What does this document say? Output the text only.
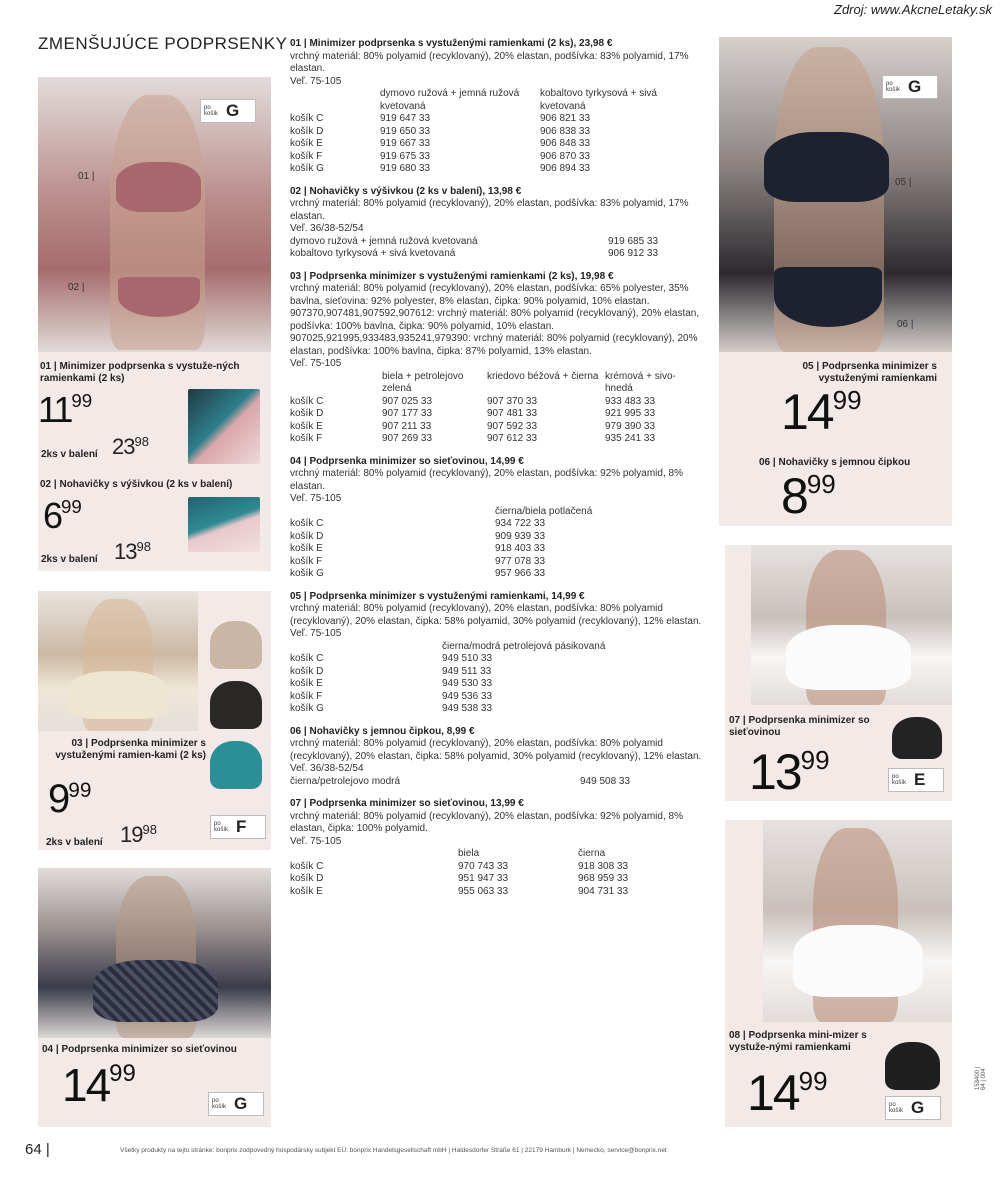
Zdroj: www.AkcneLetaky.sk
ZMENŠUJÚCE PODPRSENKY
01 |
02 |
po košík G
01 | Minimizer podprsenka s vystuže-ných ramienkami (2 ks)
$11^{99}$
2ks v balení $23^{98}$
02 | Nohavičky s výšivkou (2 ks v balení)
$6^{99}$
2ks v balení $13^{98}$
03 | Podprsenka minimizer s vystuženými ramien-kami (2 ks)
$9^{99}$
po košík F
2ks v balení $19^{98}$
04 | Podprsenka minimizer so sieťovinou
$14^{99}$
po košík G
01 | Minimizer podprsenka s vystuženými ramienkami (2 ks), 23,98 €
vrchný materiál: 80% polyamid (recyklovaný), 20% elastan, podšívka: 83% polyamid, 17% elastan.
Veľ. 75-105
	dymovo ružová + jemná ružová kvetovaná	kobaltovo tyrkysová + sivá kvetovaná
košík C	919 647 33	906 821 33
košík D	919 650 33	906 838 33
košík E	919 667 33	906 848 33
košík F	919 675 33	906 870 33
košík G	919 680 33	906 894 33
02 | Nohavičky s výšivkou (2 ks v balení), 13,98 €
vrchný materiál: 80% polyamid (recyklovaný), 20% elastan, podšívka: 83% polyamid, 17% elastan.
Veľ. 36/38-52/54
dymovo ružová + jemná ružová kvetovaná	919 685 33
kobaltovo tyrkysová + sivá kvetovaná	906 912 33
03 | Podprsenka minimizer s vystuženými ramienkami (2 ks), 19,98 €
vrchný materiál: 80% polyamid (recyklovaný), 20% elastan, podšívka: 65% polyester, 35% bavlna, sieťovina: 92% polyester, 8% elastan, čipka: 90% polyamid, 10% elastan. 907370,907481,907592,907612: vrchný materiál: 80% polyamid (recyklovaný), 20% elastan, podšívka: 100% bavlna, čipka: 90% polyamid, 10% elastan. 907025,921995,933483,935241,979390: vrchný materiál: 80% polyamid (recyklovaný), 20% elastan, podšívka: 100% bavlna, čipka: 87% polyamid, 13% elastan.
Veľ. 75-105
	biela + petrolejovo zelená	kriedovo béžová + čierna	krémová + sivo-hnedá
košík C	907 025 33	907 370 33	933 483 33
košík D	907 177 33	907 481 33	921 995 33
košík E	907 211 33	907 592 33	979 390 33
košík F	907 269 33	907 612 33	935 241 33
04 | Podprsenka minimizer so sieťovinou, 14,99 €
vrchný materiál: 80% polyamid (recyklovaný), 20% elastan, podšívka: 92% polyamid, 8% elastan.
Veľ. 75-105
	čierna/biela potlačená
košík C	934 722 33
košík D	909 939 33
košík E	918 403 33
košík F	977 078 33
košík G	957 966 33
05 | Podprsenka minimizer s vystuženými ramienkami, 14,99 €
vrchný materiál: 80% polyamid (recyklovaný), 20% elastan, podšívka: 80% polyamid (recyklovaný), 20% elastan, čipka: 58% polyamid, 30% polyamid (recyklovaný), 12% elastan.
Veľ. 75-105
	čierna/modrá petrolejová pásikovaná
košík C	949 510 33
košík D	949 511 33
košík E	949 530 33
košík F	949 536 33
košík G	949 538 33
06 | Nohavičky s jemnou čipkou, 8,99 €
vrchný materiál: 80% polyamid (recyklovaný), 20% elastan, podšívka: 80% polyamid (recyklovaný), 20% elastan, čipka: 58% polyamid, 30% polyamid (recyklovaný), 12% elastan.
Veľ. 36/38-52/54
čierna/petrolejovo modrá	949 508 33
07 | Podprsenka minimizer so sieťovinou, 13,99 €
vrchný materiál: 80% polyamid (recyklovaný), 20% elastan, podšívka: 92% polyamid, 8% elastan, čipka: 100% polyamid.
Veľ. 75-105
	biela	čierna
košík C	970 743 33	918 308 33
košík D	951 947 33	968 959 33
košík E	955 063 33	904 731 33
po košík G
05 |
06 |
05 | Podprsenka minimizer s vystuženými ramienkami
$14^{99}$
06 | Nohavičky s jemnou čipkou
$8^{99}$
07 | Podprsenka minimizer so sieťovinou
$13^{99}$
po košík E
08 | Podprsenka mini-mizer s vystuže-nými ramienkami
$14^{99}$
po košík G
64 |	Všetky produkty na tejto stránke: bonprix zodpovedný hospodársky subjekt EÚ: bonprix Handelsgesellschaft mbH | Haldesdorfer Straße 61 | 22179 Hamburk | Nemecko, service@bonprix.net
153400 | 64 | 004
